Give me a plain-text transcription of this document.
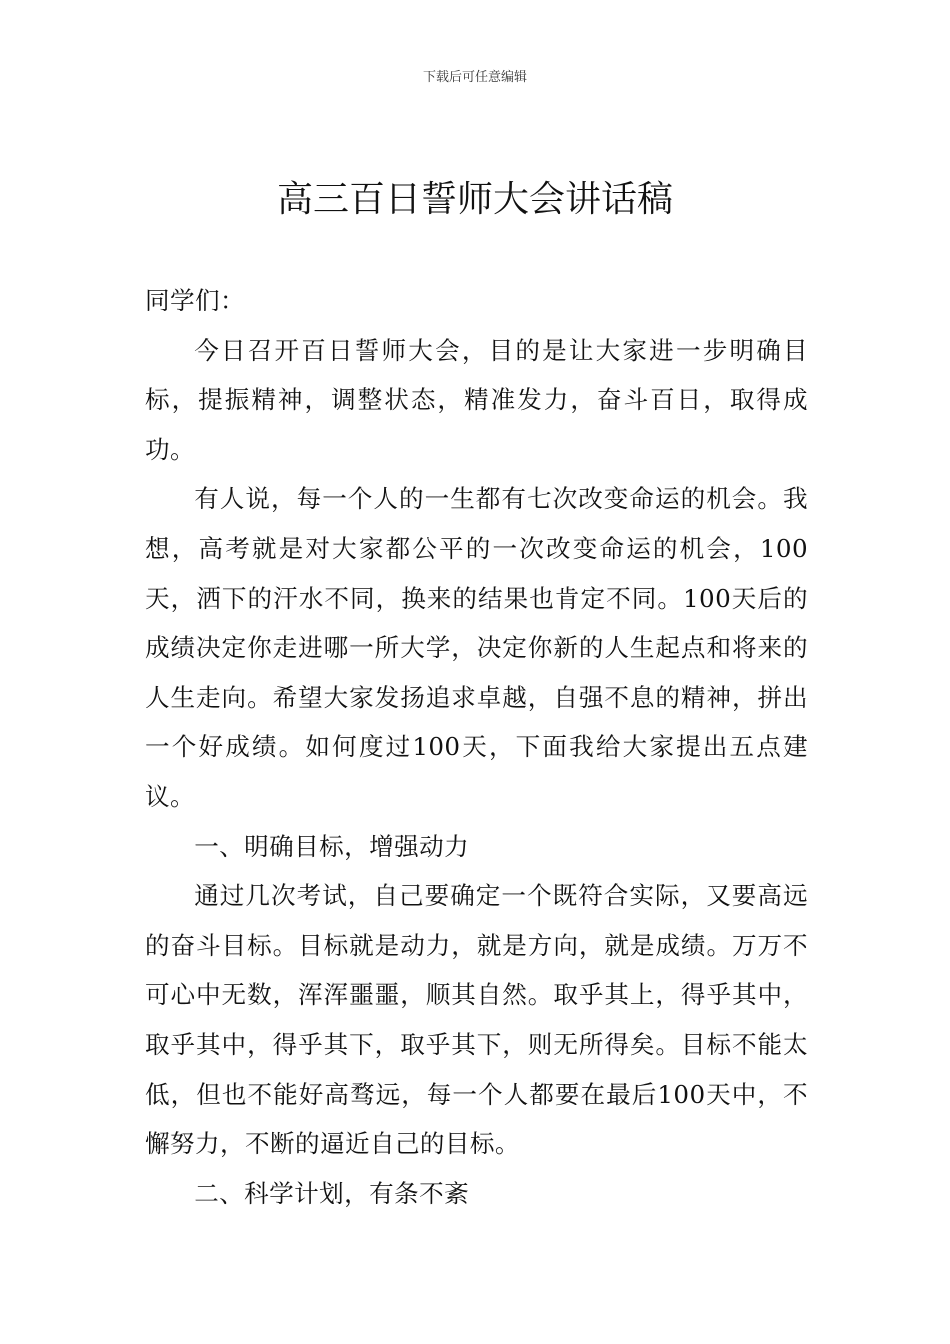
下载后可任意编辑
高三百日誓师大会讲话稿

同学们：

今日召开百日誓师大会，目的是让大家进一步明确目标，提振精神，调整状态，精准发力，奋斗百日，取得成功。

有人说，每一个人的一生都有七次改变命运的机会。我想，高考就是对大家都公平的一次改变命运的机会，100天，洒下的汗水不同，换来的结果也肯定不同。100天后的成绩决定你走进哪一所大学，决定你新的人生起点和将来的人生走向。希望大家发扬追求卓越，自强不息的精神，拼出一个好成绩。如何度过100天，下面我给大家提出五点建议。

一、明确目标，增强动力

通过几次考试，自己要确定一个既符合实际，又要高远的奋斗目标。目标就是动力，就是方向，就是成绩。万万不可心中无数，浑浑噩噩，顺其自然。取乎其上，得乎其中，取乎其中，得乎其下，取乎其下，则无所得矣。目标不能太低，但也不能好高骛远，每一个人都要在最后100天中，不懈努力，不断的逼近自己的目标。

二、科学计划，有条不紊
